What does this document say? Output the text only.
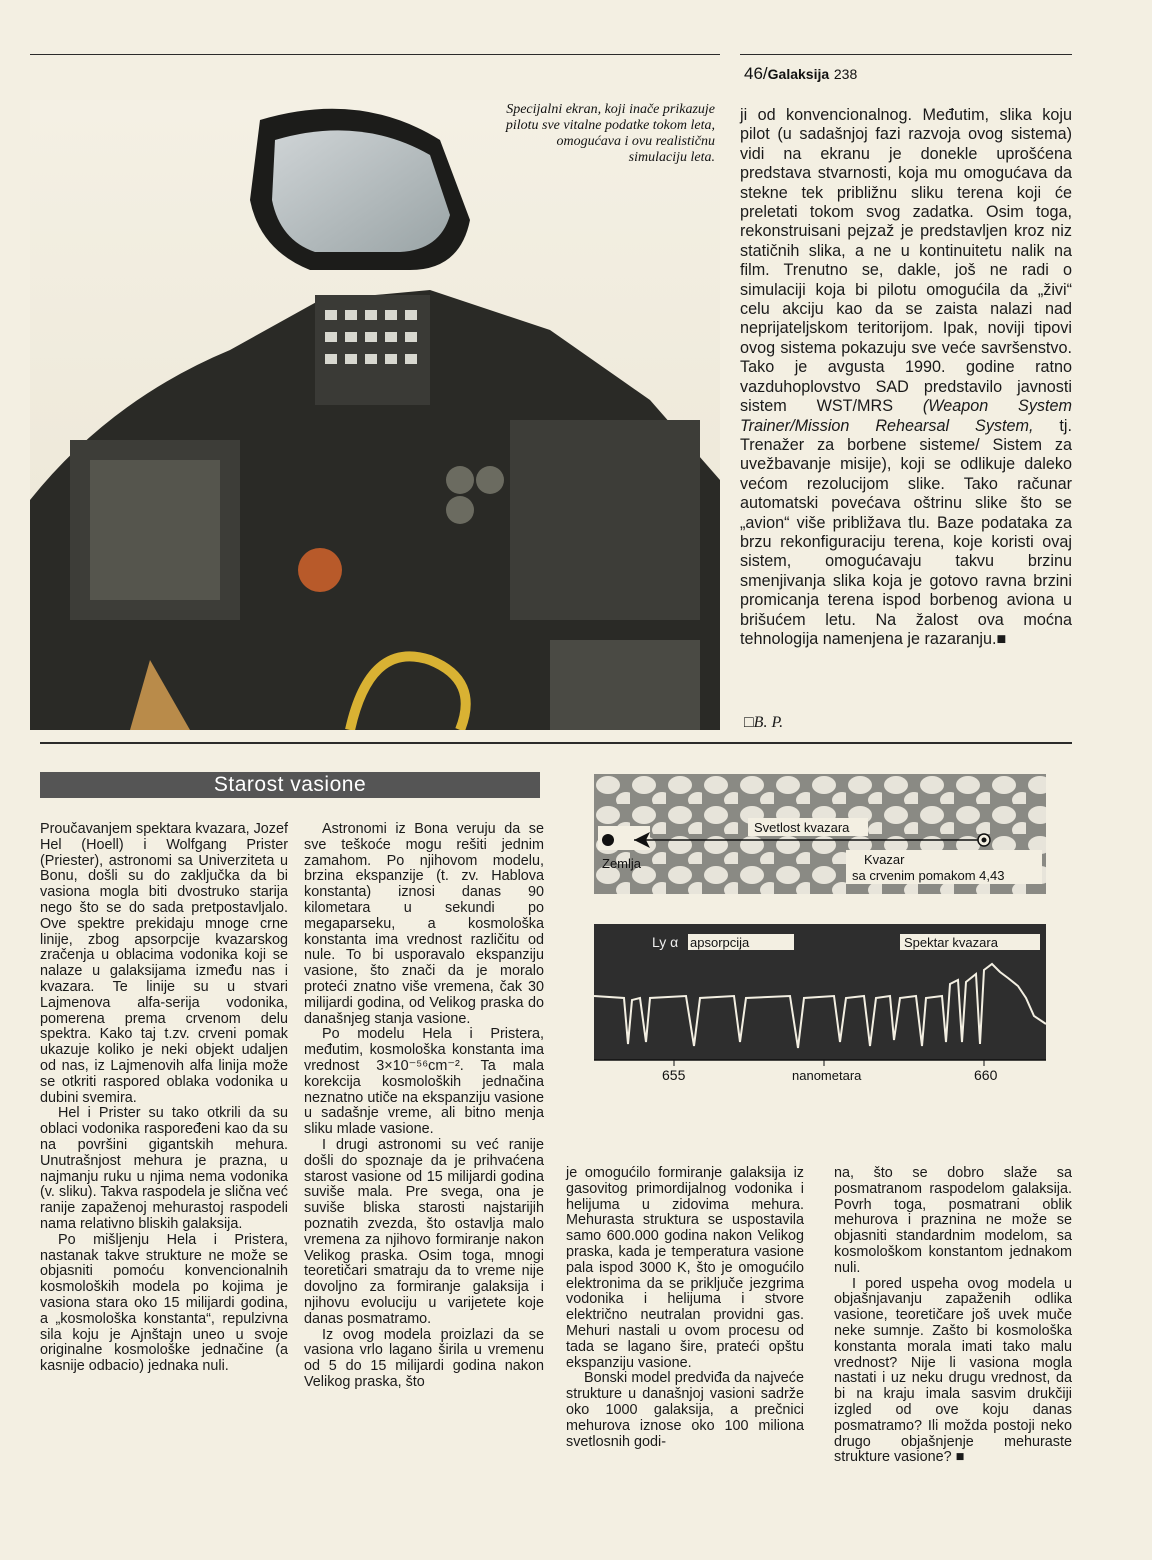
46/Galaksija 238
Specijalni ekran, koji inače prikazuje pilotu sve vitalne podatke tokom leta, omogućava i ovu realističnu simulaciju leta.

ji od konvencionalnog. Međutim, slika koju pilot (u sadašnjoj fazi razvoja ovog sistema) vidi na ekranu je donekle uprošćena predstava stvarnosti, koja mu omogućava da stekne tek približnu sliku terena koji će preletati tokom svog zadatka. Osim toga, rekonstruisani pejzaž je predstavljen kroz niz statičnih slika, a ne u kontinuitetu nalik na film. Trenutno se, dakle, još ne radi o simulaciji koja bi pilotu omogućila da „živi“ celu akciju kao da se zaista nalazi nad neprijateljskom teritorijom. Ipak, noviji tipovi ovog sistema pokazuju sve veće savršenstvo. Tako je avgusta 1990. godine ratno vazduhoplovstvo SAD predstavilo javnosti sistem WST/MRS (Weapon System Trainer/Mission Rehearsal System, tj. Trenažer za borbene sisteme/ Sistem za uvežbavanje misije), koji se odlikuje daleko većom rezolucijom slike. Tako računar automatski povećava oštrinu slike što se „avion“ više približava tlu. Baze podataka za brzu rekonfiguraciju terena, koje koristi ovaj sistem, omogućavaju takvu brzinu smenjivanja slika koja je gotovo ravna brzini promicanja terena ispod borbenog aviona u brišućem letu. Na žalost ova moćna tehnologija namenjena je razaranju.■

□B. P.
Starost vasione

Proučavanjem spektara kvazara, Jozef Hel (Hoell) i Wolfgang Prister (Priester), astronomi sa Univerziteta u Bonu, došli su do zaključka da bi vasiona mogla biti dvostruko starija nego što se do sada pretpostavljalo. Ove spektre prekidaju mnoge crne linije, zbog apsorpcije kvazarskog zračenja u oblacima vodonika koji se nalaze u galaksijama između nas i kvazara. Te linije su u stvari Lajmenova alfa-serija vodonika, pomerena prema crvenom delu spektra. Kako taj t.zv. crveni pomak ukazuje koliko je neki objekt udaljen od nas, iz Lajmenovih alfa linija može se otkriti raspored oblaka vodonika u dubini svemira.

Hel i Prister su tako otkrili da su oblaci vodonika raspoređeni kao da su na površini gigantskih mehura. Unutrašnjost mehura je prazna, u najmanju ruku u njima nema vodonika (v. sliku). Takva raspodela je slična već ranije zapaženoj mehurastoj raspodeli nama relativno bliskih galaksija.

Po mišljenju Hela i Pristera, nastanak takve strukture ne može se objasniti pomoću konvencionalnih kosmoloških modela po kojima je vasiona stara oko 15 milijardi godina, a „kosmološka konstanta“, repulzivna sila koju je Ajnštajn uneo u svoje originalne kosmološke jednačine (a kasnije odbacio) jednaka nuli.

Astronomi iz Bona veruju da se sve teškoće mogu rešiti jednim zamahom. Po njihovom modelu, brzina ekspanzije (t. zv. Hablova konstanta) iznosi danas 90 kilometara u sekundi po megaparseku, a kosmološka konstanta ima vrednost različitu od nule. To bi usporavalo ekspanziju vasione, što znači da je moralo proteći znatno više vremena, čak 30 milijardi godina, od Velikog praska do današnjeg stanja vasione.

Po modelu Hela i Pristera, međutim, kosmološka konstanta ima vrednost 3×10⁻⁵⁶cm⁻². Ta mala korekcija kosmoloških jednačina neznatno utiče na ekspanziju vasione u sadašnje vreme, ali bitno menja sliku mlade vasione.

I drugi astronomi su već ranije došli do spoznaje da je prihvaćena starost vasione od 15 milijardi godina suviše mala. Pre svega, ona je suviše bliska starosti najstarijih poznatih zvezda, što ostavlja malo vremena za njihovo formiranje nakon Velikog praska. Osim toga, mnogi teoretičari smatraju da to vreme nije dovoljno za formiranje galaksija i njihovu evoluciju u varijetete koje danas posmatramo.

Iz ovog modela proizlazi da se vasiona vrlo lagano širila u vremenu od 5 do 15 milijardi godina nakon Velikog praska, što

Svetlost kvazara
Zemlja	Kvazar
sa crvenim pomakom 4,43
Ly α apsorpcija	Spektar kvazara
655	nanometara	660

je omogućilo formiranje galaksija iz gasovitog primordijalnog vodonika i helijuma u zidovima mehura. Mehurasta struktura se uspostavila samo 600.000 godina nakon Velikog praska, kada je temperatura vasione pala ispod 3000 K, što je omogućilo elektronima da se priključe jezgrima vodonika i helijuma i stvore električno neutralan providni gas. Mehuri nastali u ovom procesu od tada se lagano šire, prateći opštu ekspanziju vasione.

Bonski model predviđa da najveće strukture u današnjoj vasioni sadrže oko 1000 galaksija, a prečnici mehurova iznose oko 100 miliona svetlosnih godi-

na, što se dobro slaže sa posmatranom raspodelom galaksija. Povrh toga, posmatrani oblik mehurova i praznina ne može se objasniti standardnim modelom, sa kosmološkom konstantom jednakom nuli.

I pored uspeha ovog modela u objašnjavanju zapaženih odlika vasione, teoretičare još uvek muče neke sumnje. Zašto bi kosmološka konstanta morala imati tako malu vrednost? Nije li vasiona mogla nastati i uz neku drugu vrednost, da bi na kraju imala sasvim drukčiji izgled od ove koju danas posmatramo? Ili možda postoji neko drugo objašnjenje mehuraste strukture vasione? ■
